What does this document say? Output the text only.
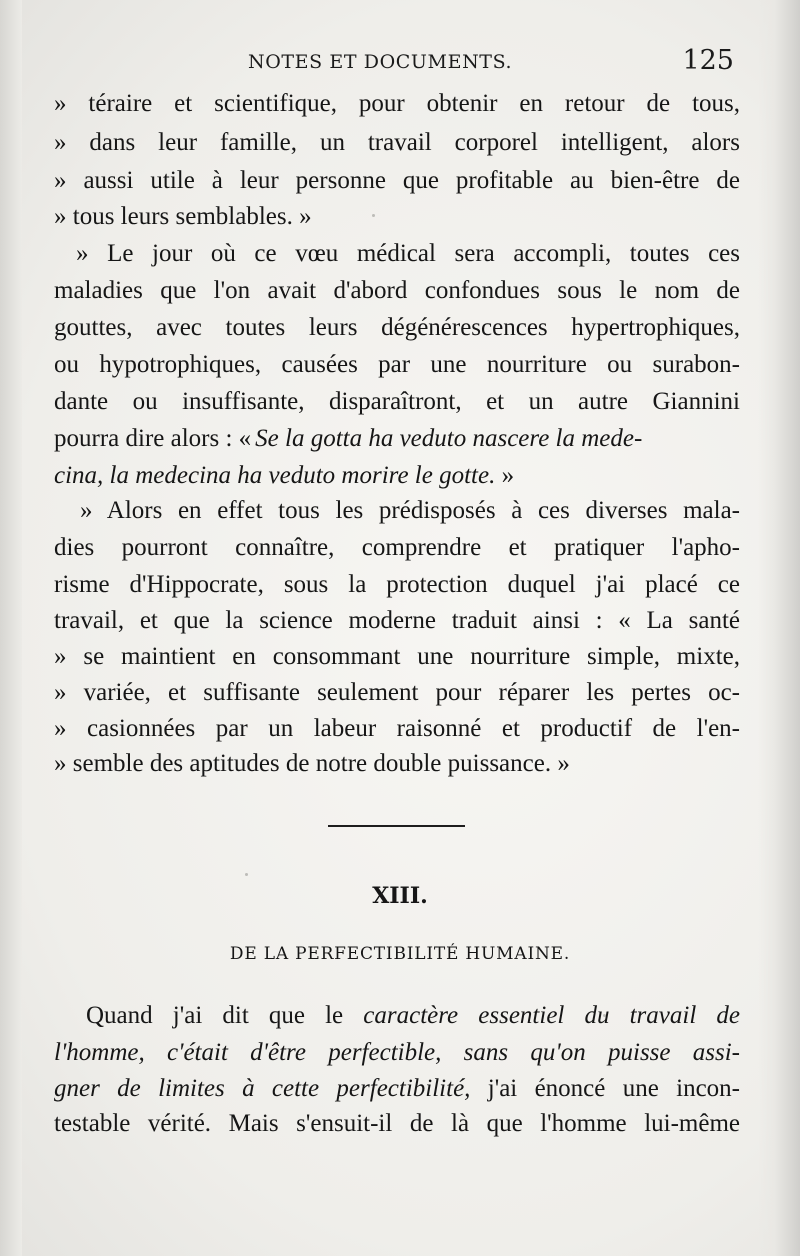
NOTES ET DOCUMENTS.	125
» téraire et scientifique, pour obtenir en retour de tous,
» dans leur famille, un travail corporel intelligent, alors
» aussi utile à leur personne que profitable au bien-être de
» tous leurs semblables. »
» Le jour où ce vœu médical sera accompli, toutes ces
maladies que l'on avait d'abord confondues sous le nom de
gouttes, avec toutes leurs dégénérescences hypertrophiques,
ou hypotrophiques, causées par une nourriture ou surabon-
dante ou insuffisante, disparaîtront, et un autre Giannini
pourra dire alors : « Se la gotta ha veduto nascere la mede-
cina, la medecina ha veduto morire le gotte. »
» Alors en effet tous les prédisposés à ces diverses mala-
dies pourront connaître, comprendre et pratiquer l'apho-
risme d'Hippocrate, sous la protection duquel j'ai placé ce
travail, et que la science moderne traduit ainsi : « La santé
» se maintient en consommant une nourriture simple, mixte,
» variée, et suffisante seulement pour réparer les pertes oc-
» casionnées par un labeur raisonné et productif de l'en-
» semble des aptitudes de notre double puissance. »
XIII.
DE LA PERFECTIBILITÉ HUMAINE.
Quand j'ai dit que le caractère essentiel du travail de
l'homme, c'était d'être perfectible, sans qu'on puisse assi-
gner de limites à cette perfectibilité, j'ai énoncé une incon-
testable vérité. Mais s'ensuit-il de là que l'homme lui-même
